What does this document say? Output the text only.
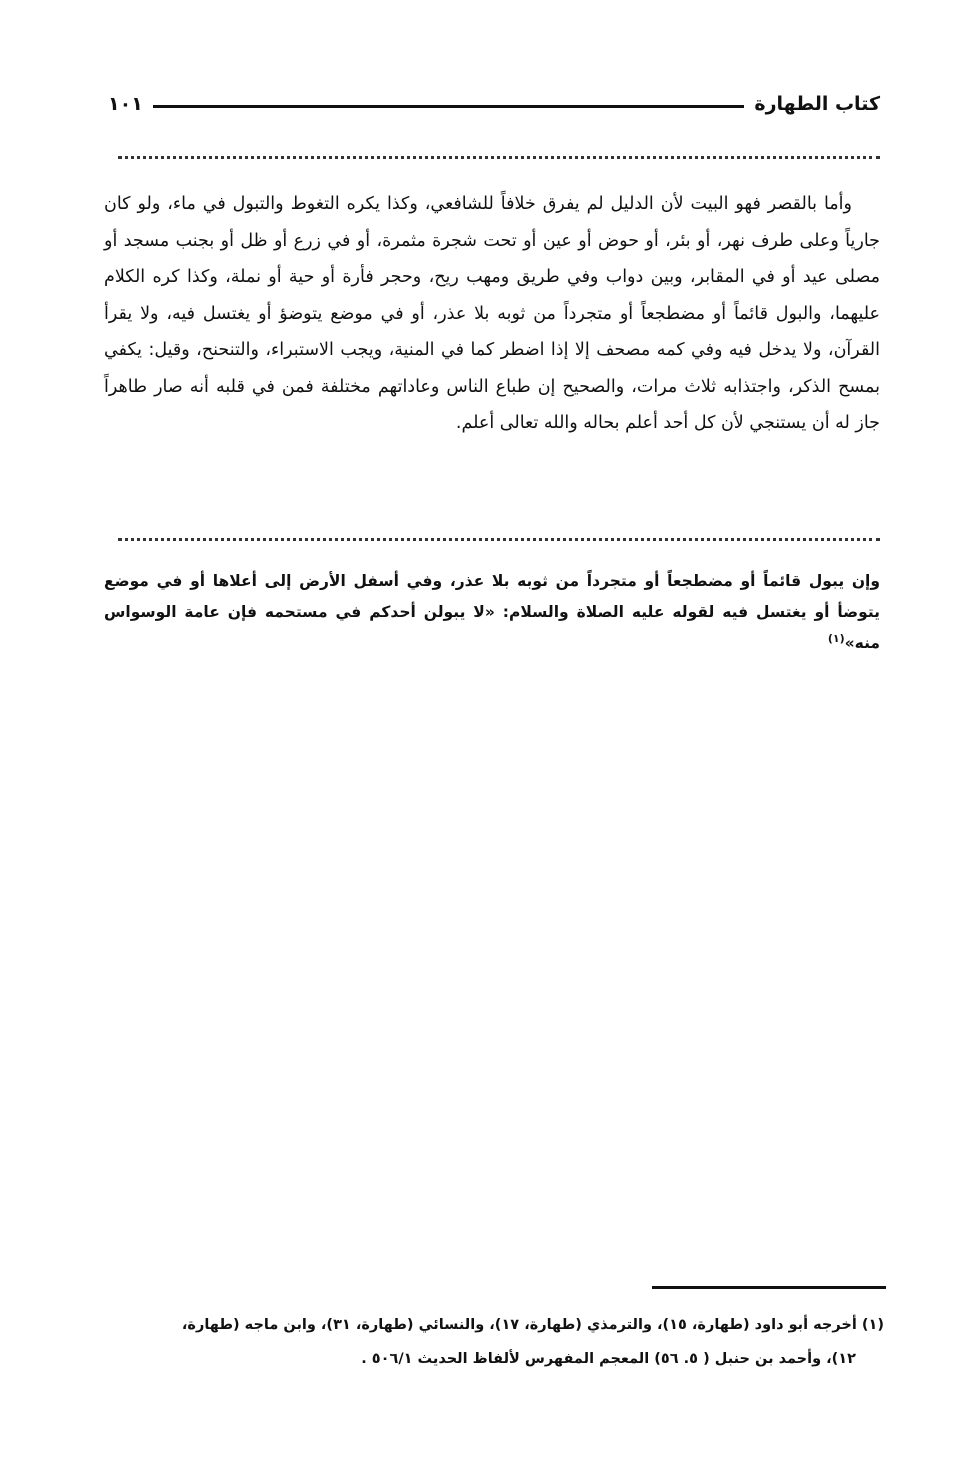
كتاب الطهارة
١٠١

وأما بالقصر فهو البيت لأن الدليل لم يفرق خلافاً للشافعي، وكذا يكره التغوط والتبول في ماء، ولو كان جارياً وعلى طرف نهر، أو بئر، أو حوض أو عين أو تحت شجرة مثمرة، أو في زرع أو ظل أو بجنب مسجد أو مصلى عيد أو في المقابر، وبين دواب وفي طريق ومهب ريح، وحجر فأرة أو حية أو نملة، وكذا كره الكلام عليهما، والبول قائماً أو مضطجعاً أو متجرداً من ثوبه بلا عذر، أو في موضع يتوضؤ أو يغتسل فيه، ولا يقرأ القرآن، ولا يدخل فيه وفي كمه مصحف إلا إذا اضطر كما في المنية، ويجب الاستبراء، والتنحنح، وقيل: يكفي بمسح الذكر، واجتذابه ثلاث مرات، والصحيح إن طباع الناس وعاداتهم مختلفة فمن في قلبه أنه صار طاهراً جاز له أن يستنجي لأن كل أحد أعلم بحاله والله تعالى أعلم.

وإن يبول قائماً أو مضطجعاً أو متجرداً من ثوبه بلا عذر، وفي أسفل الأرض إلى أعلاها أو في موضع يتوضأ أو يغتسل فيه لقوله عليه الصلاة والسلام: «لا يبولن أحدكم في مستحمه فإن عامة الوسواس منه»$^{(١)}$

(١) أخرجه أبو داود (طهارة، ١٥)، والترمذي (طهارة، ١٧)، والنسائي (طهارة، ٣١)، وابن ماجه (طهارة،
١٢)، وأحمد بن حنبل ( ٥. ٥٦) المعجم المفهرس لألفاظ الحديث ٥٠٦/١ .
